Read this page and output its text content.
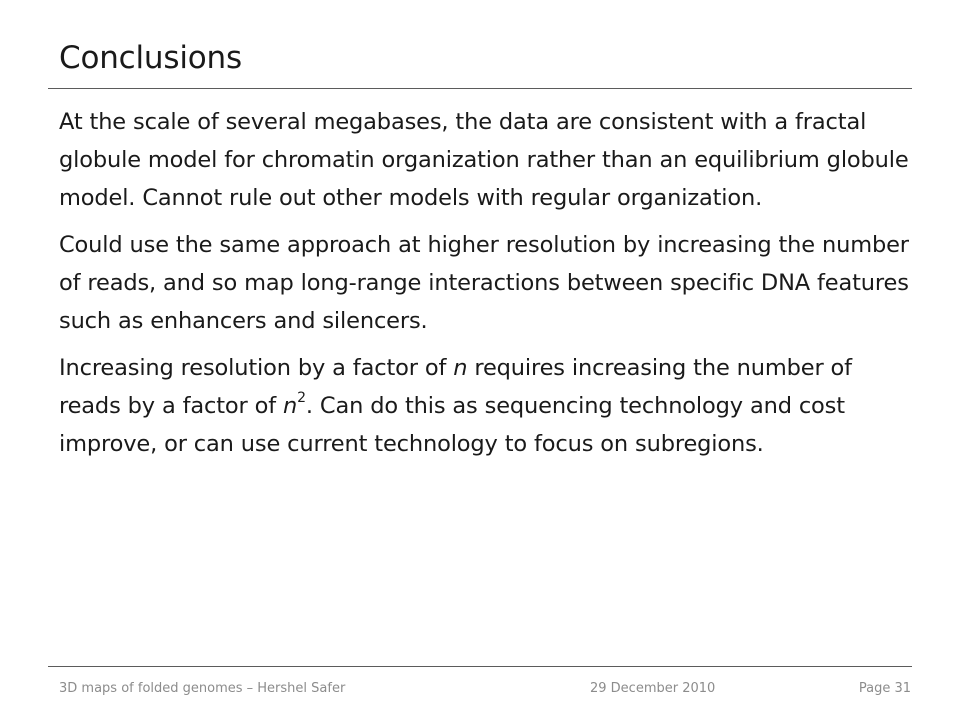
Conclusions

At the scale of several megabases, the data are consistent with a fractal globule model for chromatin organization rather than an equilibrium globule model. Cannot rule out other models with regular organization.

Could use the same approach at higher resolution by increasing the number of reads, and so map long-range interactions between specific DNA features such as enhancers and silencers.

Increasing resolution by a factor of n requires increasing the number of reads by a factor of $n^2$. Can do this as sequencing technology and cost improve, or can use current technology to focus on subregions.

3D maps of folded genomes – Hershel Safer	29 December 2010	Page 31
